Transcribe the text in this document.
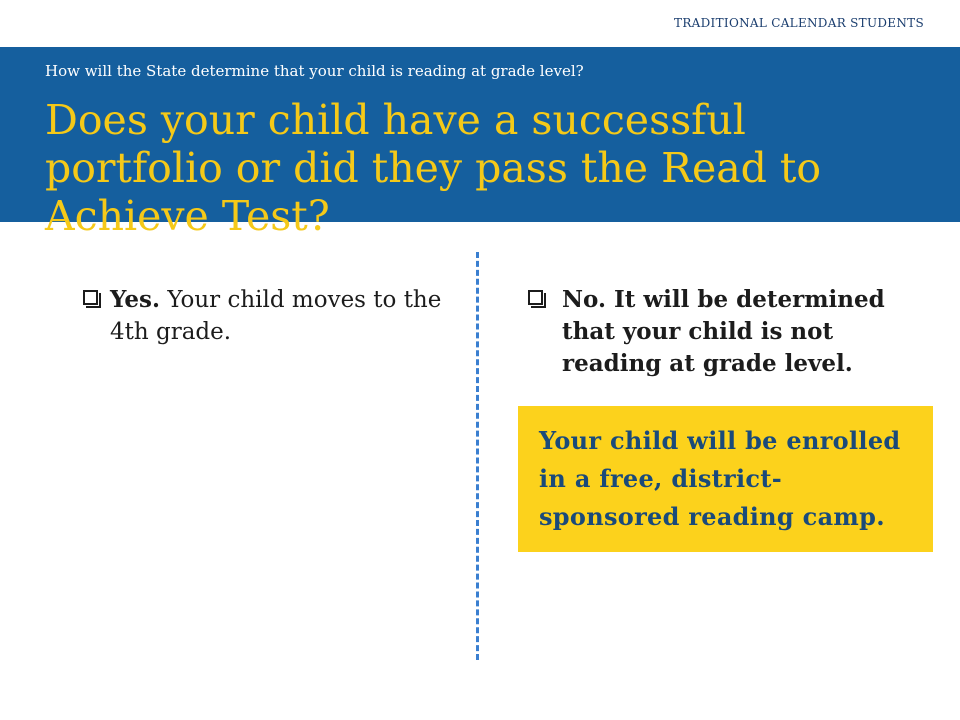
TRADITIONAL CALENDAR STUDENTS
How will the State determine that your child is reading at grade level?
Does your child have a successful portfolio or did they pass the Read to Achieve Test?
Yes. Your child moves to the 4th grade.
No. It will be determined that your child is not reading at grade level.
Your child will be enrolled in a free, district-sponsored reading camp.
